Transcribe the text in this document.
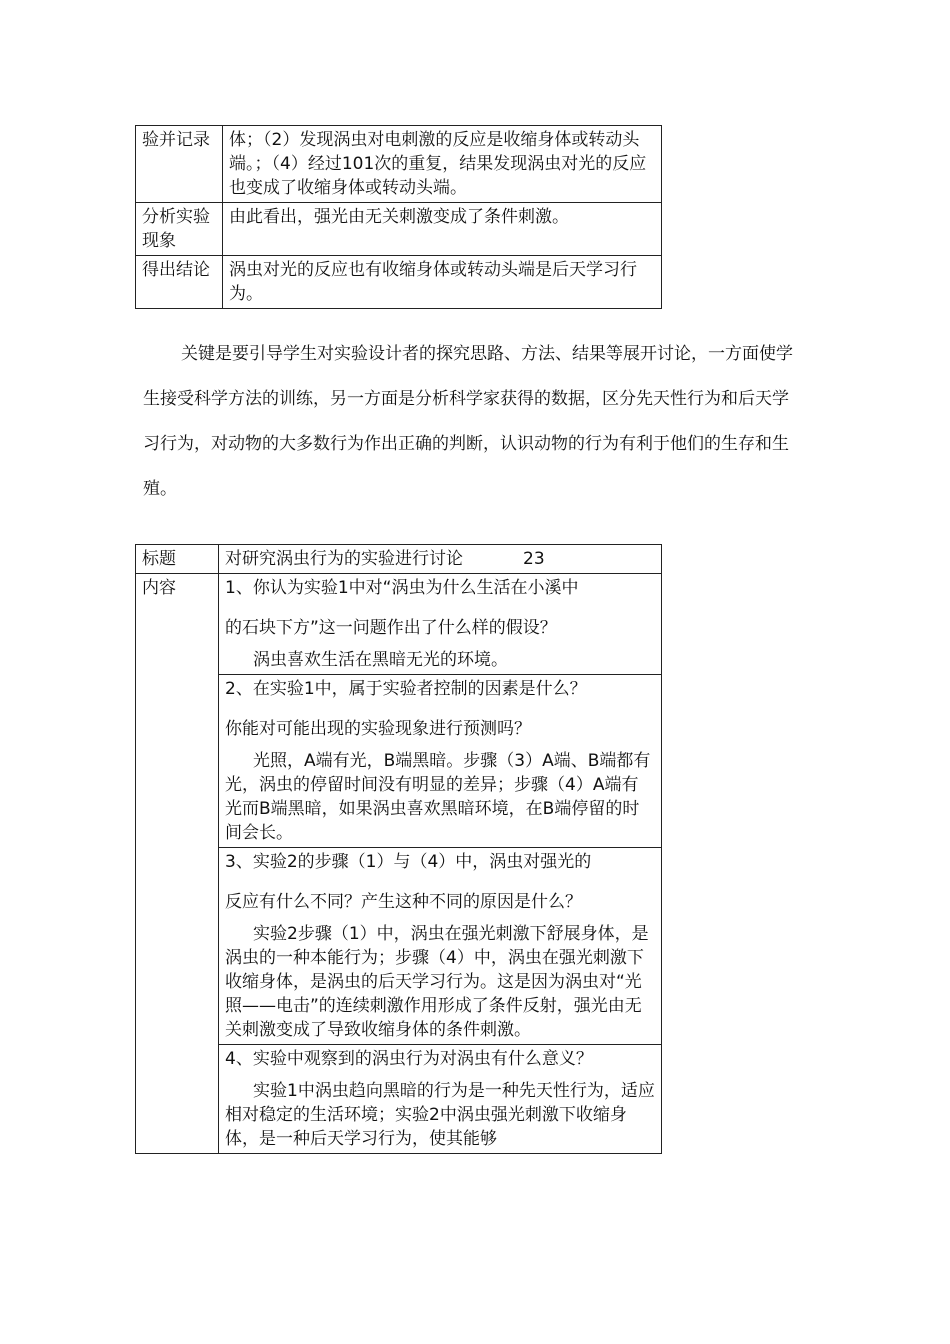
验并记录	体；（2）发现涡虫对电刺激的反应是收缩身体或转动头端。；（4）经过101次的重复，结果发现涡虫对光的反应也变成了收缩身体或转动头端。
分析实验现象	由此看出，强光由无关刺激变成了条件刺激。
得出结论	涡虫对光的反应也有收缩身体或转动头端是后天学习行为。

关键是要引导学生对实验设计者的探究思路、方法、结果等展开讨论，一方面使学生接受科学方法的训练，另一方面是分析科学家获得的数据，区分先天性行为和后天学习行为，对动物的大多数行为作出正确的判断，认识动物的行为有利于他们的生存和生殖。

标题	对研究涡虫行为的实验进行讨论 23
内容	1、你认为实验1中对“涡虫为什么生活在小溪中

的石块下方”这一问题作出了什么样的假设？

涡虫喜欢生活在黑暗无光的环境。

	2、在实验1中，属于实验者控制的因素是什么？

你能对可能出现的实验现象进行预测吗？

光照，A端有光，B端黑暗。步骤（3）A端、B端都有光，涡虫的停留时间没有明显的差异；步骤（4）A端有光而B端黑暗，如果涡虫喜欢黑暗环境，在B端停留的时间会长。

	3、实验2的步骤（1）与（4）中，涡虫对强光的

反应有什么不同？产生这种不同的原因是什么？

实验2步骤（1）中，涡虫在强光刺激下舒展身体，是涡虫的一种本能行为；步骤（4）中，涡虫在强光刺激下收缩身体，是涡虫的后天学习行为。这是因为涡虫对“光照——电击”的连续刺激作用形成了条件反射，强光由无关刺激变成了导致收缩身体的条件刺激。

	4、实验中观察到的涡虫行为对涡虫有什么意义？

实验1中涡虫趋向黑暗的行为是一种先天性行为，适应相对稳定的生活环境；实验2中涡虫强光刺激下收缩身体，是一种后天学习行为，使其能够
